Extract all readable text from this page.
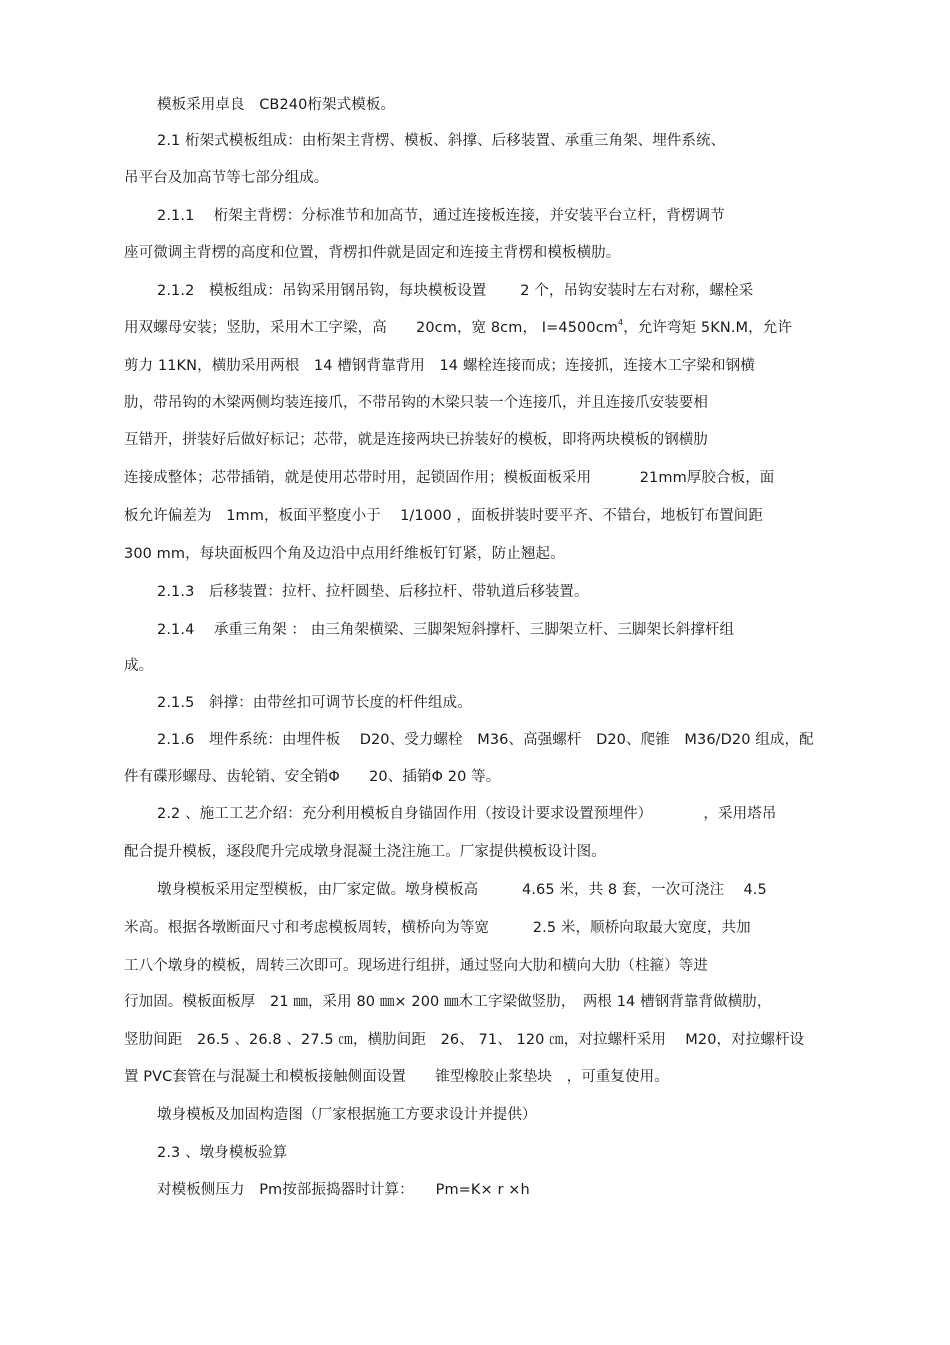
模板采用卓良　CB240桁架式模板。
2.1 桁架式模板组成：由桁架主背楞、模板、斜撑、后移装置、承重三角架、埋件系统、
吊平台及加高节等七部分组成。
2.1.1　 桁架主背楞：分标准节和加高节，通过连接板连接，并安装平台立杆，背楞调节
座可微调主背楞的高度和位置，背楞扣件就是固定和连接主背楞和模板横肋。
2.1.2　模板组成：吊钩采用钢吊钩，每块模板设置　　 2 个，吊钩安装时左右对称，螺栓采
用双螺母安装；竖肋，采用木工字梁，高　　20cm，宽 8cm， $I=4500cm^4$，允许弯矩 5KN.M，允许
剪力 11KN，横肋采用两根　14 槽钢背靠背用　14 螺栓连接而成；连接抓，连接木工字梁和钢横
肋，带吊钩的木梁两侧均装连接爪，不带吊钩的木梁只装一个连接爪，并且连接爪安装要相
互错开，拼装好后做好标记；芯带，就是连接两块已拚装好的模板，即将两块模板的钢横肋
连接成整体；芯带插销，就是使用芯带时用，起锁固作用；模板面板采用　　　 21mm厚胶合板，面
板允许偏差为　1mm，板面平整度小于　 1/1000 ，面板拼装时要平齐、不错台，地板钉布置间距
300 mm，每块面板四个角及边沿中点用纤维板钉钉紧，防止翘起。
2.1.3　后移装置：拉杆、拉杆圆垫、后移拉杆、带轨道后移装置。
2.1.4　 承重三角架 ： 由三角架横梁、三脚架短斜撑杆、三脚架立杆、三脚架长斜撑杆组
成。
2.1.5　斜撑：由带丝扣可调节长度的杆件组成。
2.1.6　埋件系统：由埋件板　 D20、受力螺栓　M36、高强螺杆　D20、爬锥　M36/D20 组成，配
件有碟形螺母、齿轮销、安全销Φ　　20、插销Φ 20 等。
2.2 、施工工艺介绍：充分利用模板自身锚固作用（按设计要求设置预埋件）　　　　，采用塔吊
配合提升模板，逐段爬升完成墩身混凝土浇注施工。厂家提供模板设计图。
墩身模板采用定型模板，由厂家定做。墩身模板高　　　4.65 米，共 8 套，一次可浇注　 4.5
米高。根据各墩断面尺寸和考虑模板周转，横桥向为等宽　　　2.5 米，顺桥向取最大宽度，共加
工八个墩身的模板，周转三次即可。现场进行组拼，通过竖向大肋和横向大肋（柱箍）等进
行加固。模板面板厚　21 ㎜，采用 80 ㎜× 200 ㎜木工字梁做竖肋，　两根 14 槽钢背靠背做横肋，
竖肋间距　26.5 、26.8 、27.5 ㎝，横肋间距　26、 71、 120 ㎝，对拉螺杆采用　 M20，对拉螺杆设
置 PVC套管在与混凝土和模板接触侧面设置　　锥型橡胶止浆垫块　，可重复使用。
墩身模板及加固构造图（厂家根据施工方要求设计并提供）
2.3 、墩身模板验算
对模板侧压力　Pm按部振捣器时计算：　　Pm=K× r ×h
